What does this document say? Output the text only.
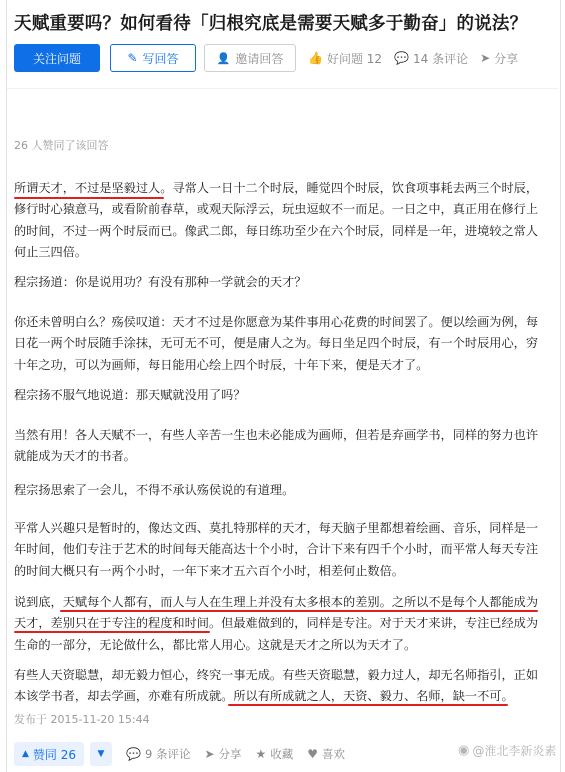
天赋重要吗？如何看待「归根究底是需要天赋多于勤奋」的说法？
关注问题	✎ 写回答	👤 邀请回答 👍 好问题 12 💬 14 条评论 ➤ 分享
26 人赞同了该回答

所谓天才，不过是坚毅过人。寻常人一日十二个时辰，睡觉四个时辰，饮食项事耗去两三个时辰，修行时心猿意马，或看阶前春草，或观天际浮云，玩虫逗蚁不一而足。一日之中，真正用在修行上的时间，不过一两个时辰而已。像武二郎，每日练功至少在六个时辰，同样是一年，进境较之常人何止三四倍。

程宗扬道：你是说用功？有没有那种一学就会的天才？

你还未曾明白么？殇侯叹道：天才不过是你愿意为某件事用心花费的时间罢了。便以绘画为例，每日花一两个时辰随手涂抹，无可无不可，便是庸人之为。每日坐足四个时辰，有一个时辰用心，穷十年之功，可以为画师，每日能用心绘上四个时辰，十年下来，便是天才了。

程宗扬不服气地说道：那天赋就没用了吗？

当然有用！各人天赋不一，有些人辛苦一生也未必能成为画师，但若是弃画学书，同样的努力也许就能成为天才的书者。

程宗扬思索了一会儿，不得不承认殇侯说的有道理。

平常人兴趣只是暂时的，像达文西、莫扎特那样的天才，每天脑子里都想着绘画、音乐，同样是一年时间，他们专注于艺术的时间每天能高达十个小时，合计下来有四千个小时，而平常人每天专注的时间大概只有一两个小时，一年下来才五六百个小时，相差何止数倍。

说到底，天赋每个人都有，而人与人在生理上并没有太多根本的差别。之所以不是每个人都能成为天才，差别只在于专注的程度和时间。但最难做到的，同样是专注。对于天才来讲，专注已经成为生命的一部分，无论做什么，都比常人用心。这就是天才之所以为天才了。

有些人天资聪慧，却无毅力恒心，终究一事无成。有些天资聪慧，毅力过人，却无名师指引，正如本该学书者，却去学画，亦难有所成就。所以有所成就之人，天资、毅力、名师，缺一不可。

发布于 2015-11-20 15:44
▲ 赞同 26 ▼ 💬 9 条评论 ➤ 分享 ★ 收藏 ♥ 喜欢	◉ @淮北李新炎素
